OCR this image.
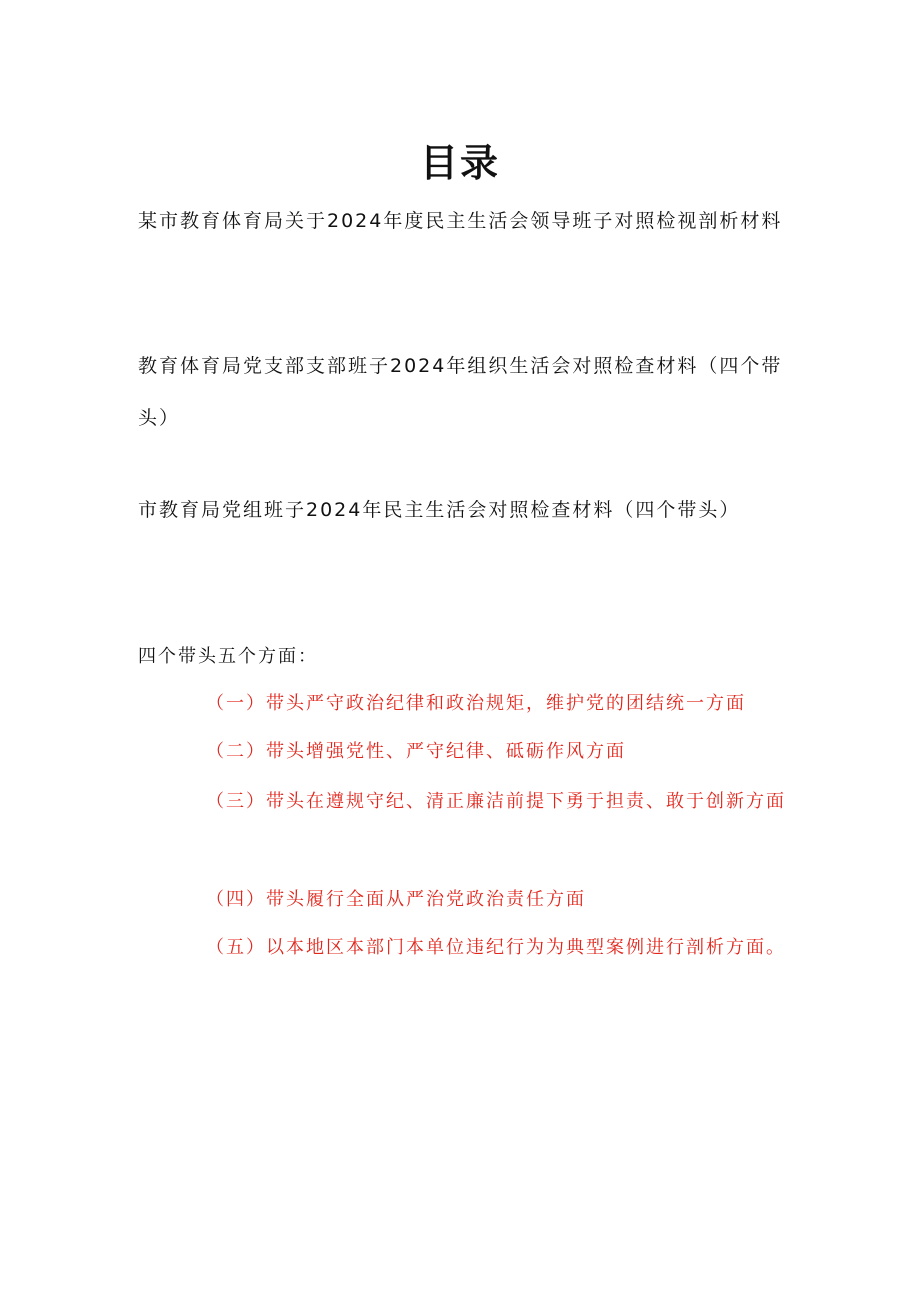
目录
某市教育体育局关于2024年度民主生活会领导班子对照检视剖析材料
教育体育局党支部支部班子2024年组织生活会对照检查材料（四个带头）
市教育局党组班子2024年民主生活会对照检查材料（四个带头）
四个带头五个方面：
（一）带头严守政治纪律和政治规矩，维护党的团结统一方面
（二）带头增强党性、严守纪律、砥砺作风方面
（三）带头在遵规守纪、清正廉洁前提下勇于担责、敢于创新方面
（四）带头履行全面从严治党政治责任方面
（五）以本地区本部门本单位违纪行为为典型案例进行剖析方面。
